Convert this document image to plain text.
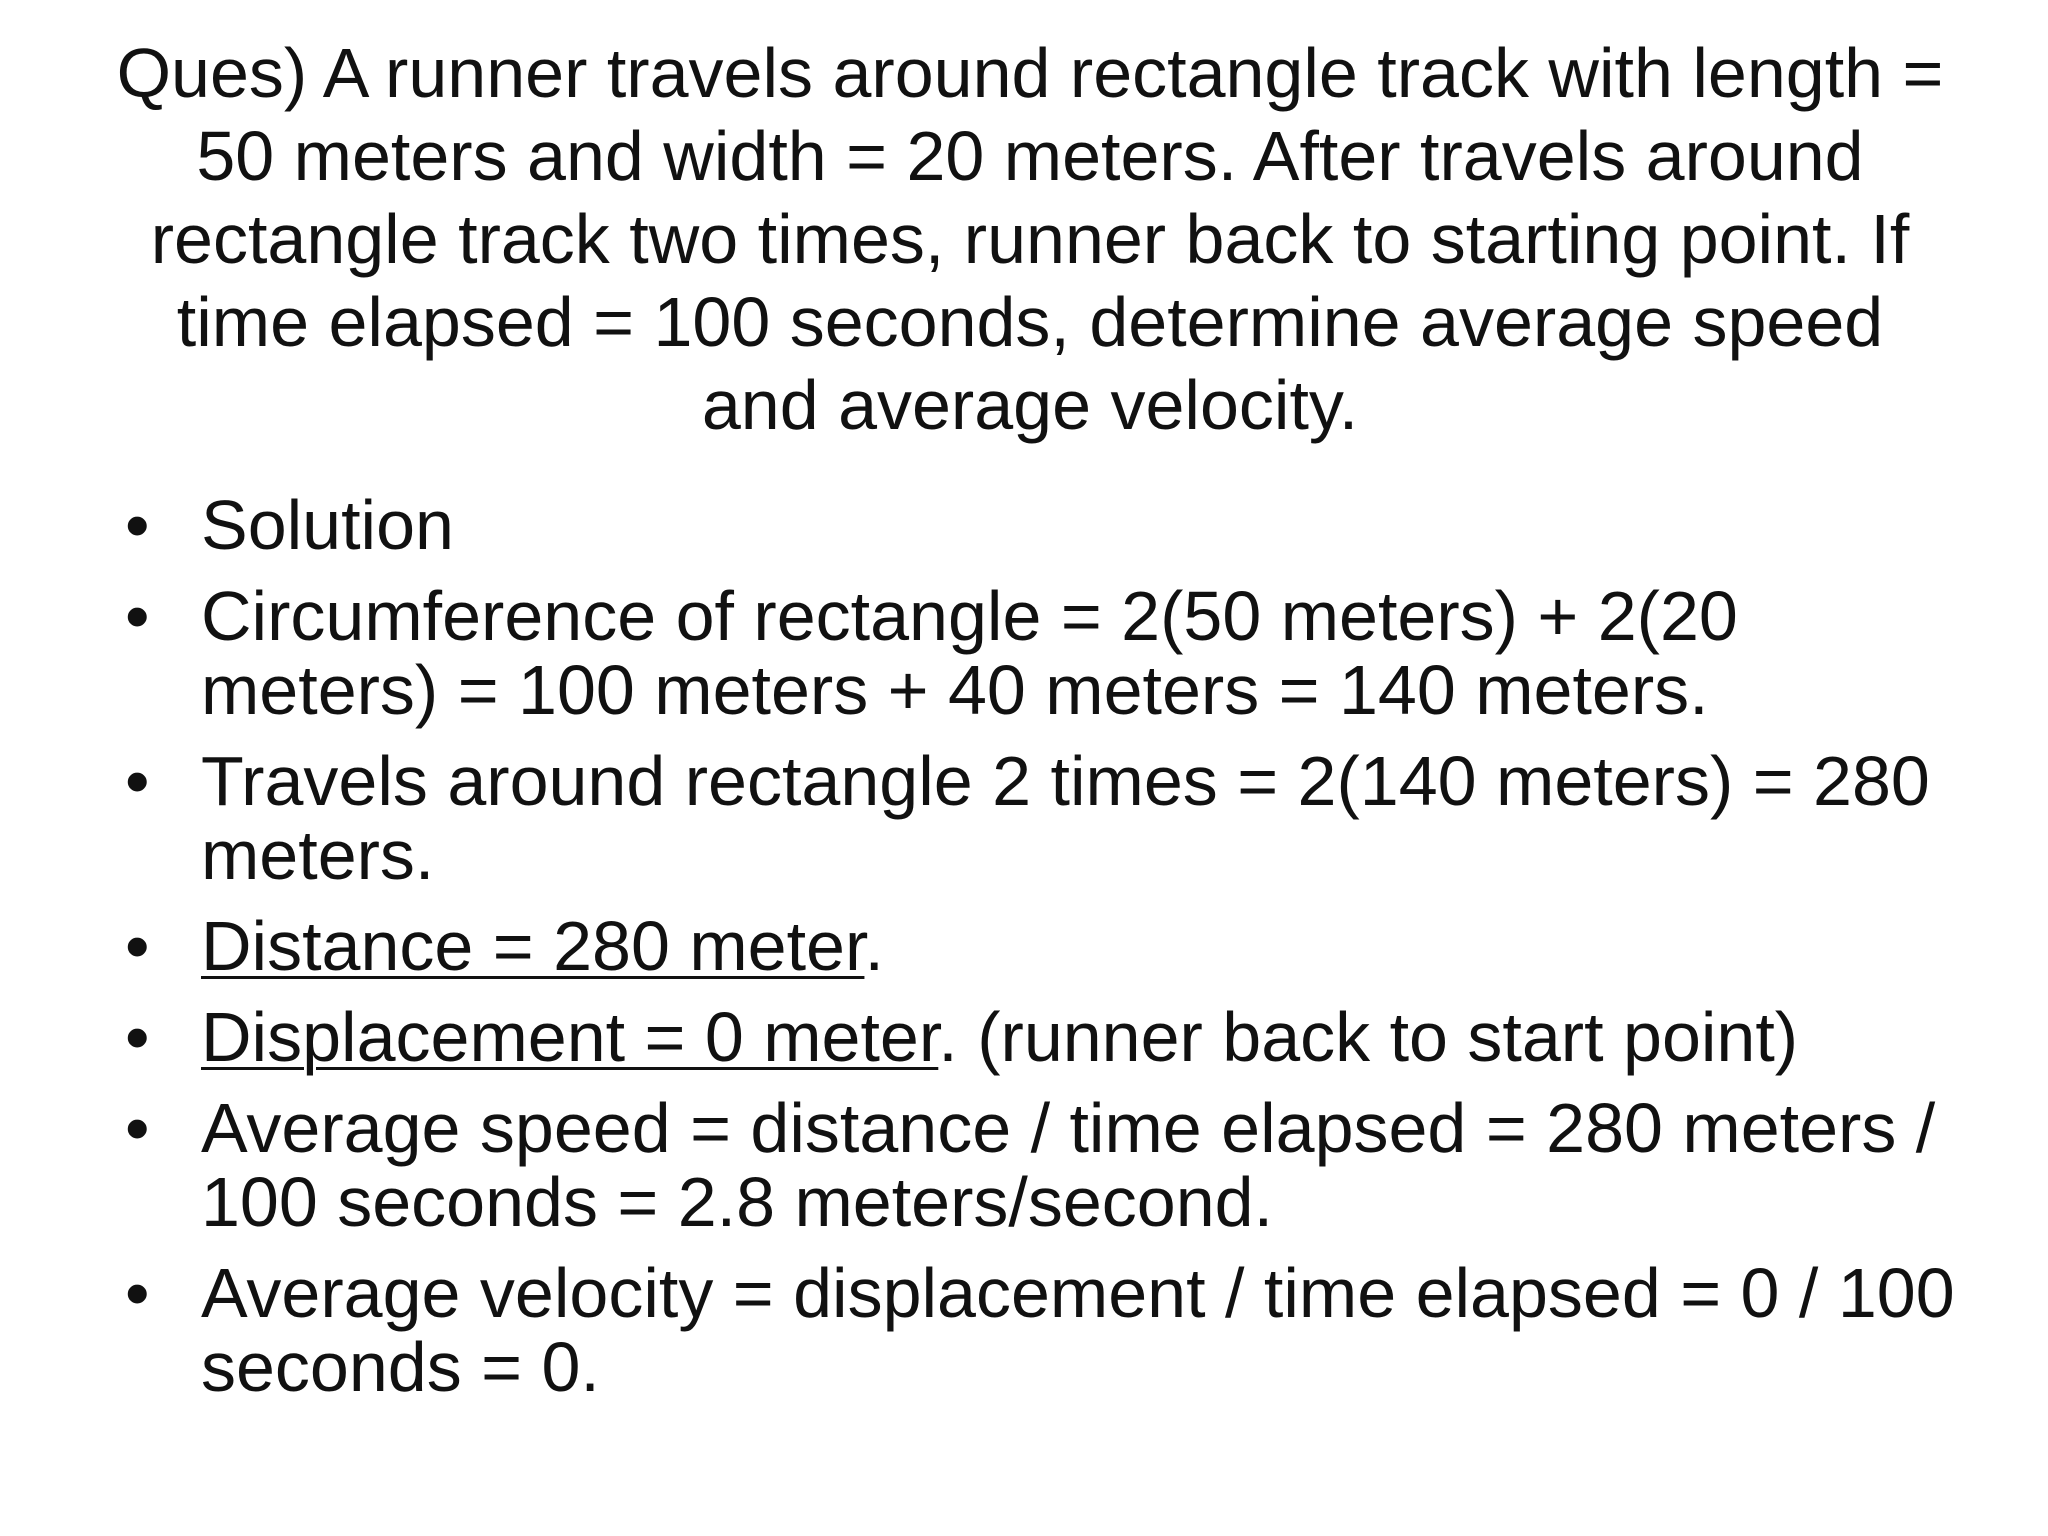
Ques) A runner travels around rectangle track with length = 50 meters and width = 20 meters. After travels around rectangle track two times, runner back to starting point. If time elapsed = 100 seconds, determine average speed and average velocity.

• Solution
• Circumference of rectangle = 2(50 meters) + 2(20 meters) = 100 meters + 40 meters = 140 meters.
• Travels around rectangle 2 times = 2(140 meters) = 280 meters.
• Distance = 280 meter.
• Displacement = 0 meter. (runner back to start point)
• Average speed = distance / time elapsed = 280 meters / 100 seconds = 2.8 meters/second.
• Average velocity = displacement / time elapsed = 0 / 100 seconds = 0.
